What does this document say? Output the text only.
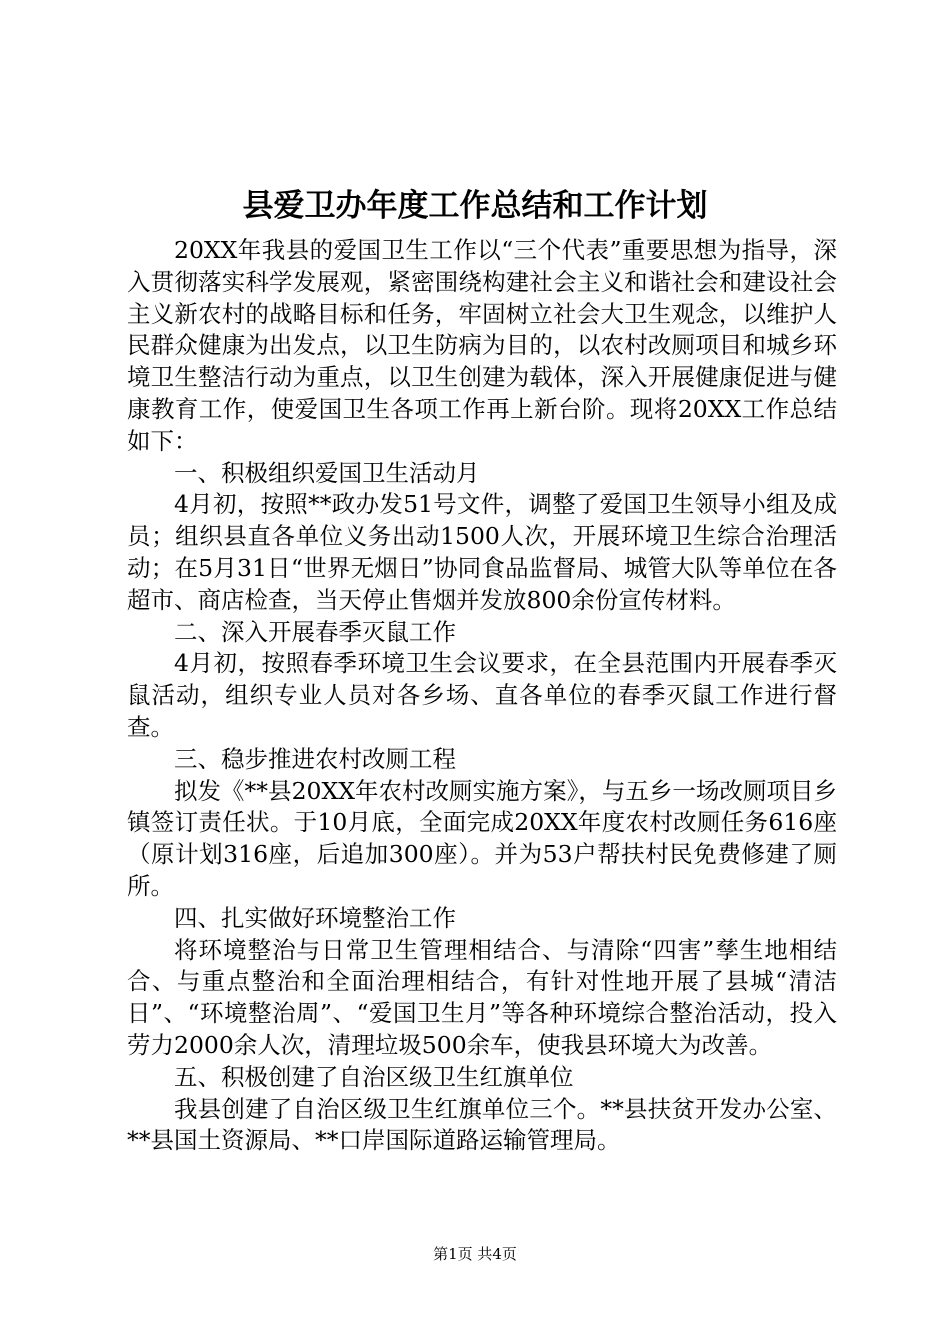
县爱卫办年度工作总结和工作计划

20XX年我县的爱国卫生工作以“三个代表”重要思想为指导，深入贯彻落实科学发展观，紧密围绕构建社会主义和谐社会和建设社会主义新农村的战略目标和任务，牢固树立社会大卫生观念，以维护人民群众健康为出发点，以卫生防病为目的，以农村改厕项目和城乡环境卫生整洁行动为重点，以卫生创建为载体，深入开展健康促进与健康教育工作，使爱国卫生各项工作再上新台阶。现将20XX工作总结如下：

一、积极组织爱国卫生活动月

4月初，按照**政办发51号文件，调整了爱国卫生领导小组及成员；组织县直各单位义务出动1500人次，开展环境卫生综合治理活动；在5月31日“世界无烟日”协同食品监督局、城管大队等单位在各超市、商店检查，当天停止售烟并发放800余份宣传材料。

二、深入开展春季灭鼠工作

4月初，按照春季环境卫生会议要求，在全县范围内开展春季灭鼠活动，组织专业人员对各乡场、直各单位的春季灭鼠工作进行督查。

三、稳步推进农村改厕工程

拟发《**县20XX年农村改厕实施方案》，与五乡一场改厕项目乡镇签订责任状。于10月底，全面完成20XX年度农村改厕任务616座（原计划316座，后追加300座）。并为53户帮扶村民免费修建了厕所。

四、扎实做好环境整治工作

将环境整治与日常卫生管理相结合、与清除“四害”孳生地相结合、与重点整治和全面治理相结合，有针对性地开展了县城“清洁日”、“环境整治周”、“爱国卫生月”等各种环境综合整治活动，投入劳力2000余人次，清理垃圾500余车，使我县环境大为改善。

五、积极创建了自治区级卫生红旗单位

我县创建了自治区级卫生红旗单位三个。**县扶贫开发办公室、**县国土资源局、**口岸国际道路运输管理局。

第1页 共4页
